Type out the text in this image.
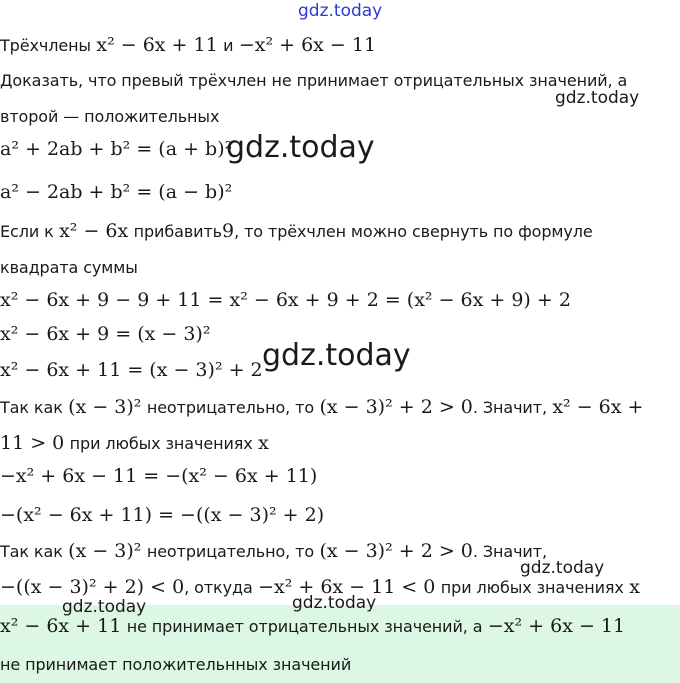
gdz.today
gdz.today
gdz.today
gdz.today
gdz.today
gdz.today	gdz.today
Трёхчлены x² − 6x + 11 и −x² + 6x − 11
Доказать, что превый трёхчлен не принимает отрицательных значений, а
второй — положительных
a² + 2ab + b² = (a + b)²
a² − 2ab + b² = (a − b)²
Если к x² − 6x прибавить9, то трёхчлен можно свернуть по формуле
квадрата суммы
x² − 6x + 9 − 9 + 11 = x² − 6x + 9 + 2 = (x² − 6x + 9) + 2
x² − 6x + 9 = (x − 3)²
x² − 6x + 11 = (x − 3)² + 2
Так как (x − 3)² неотрицательно, то (x − 3)² + 2 > 0. Значит, x² − 6x +
11 > 0 при любых значениях x
−x² + 6x − 11 = −(x² − 6x + 11)
−(x² − 6x + 11) = −((x − 3)² + 2)
Так как (x − 3)² неотрицательно, то (x − 3)² + 2 > 0. Значит,
−((x − 3)² + 2) < 0, откуда −x² + 6x − 11 < 0 при любых значениях x
x² − 6x + 11 не принимает отрицательных значений, а −x² + 6x − 11
не принимает положительнных значений
